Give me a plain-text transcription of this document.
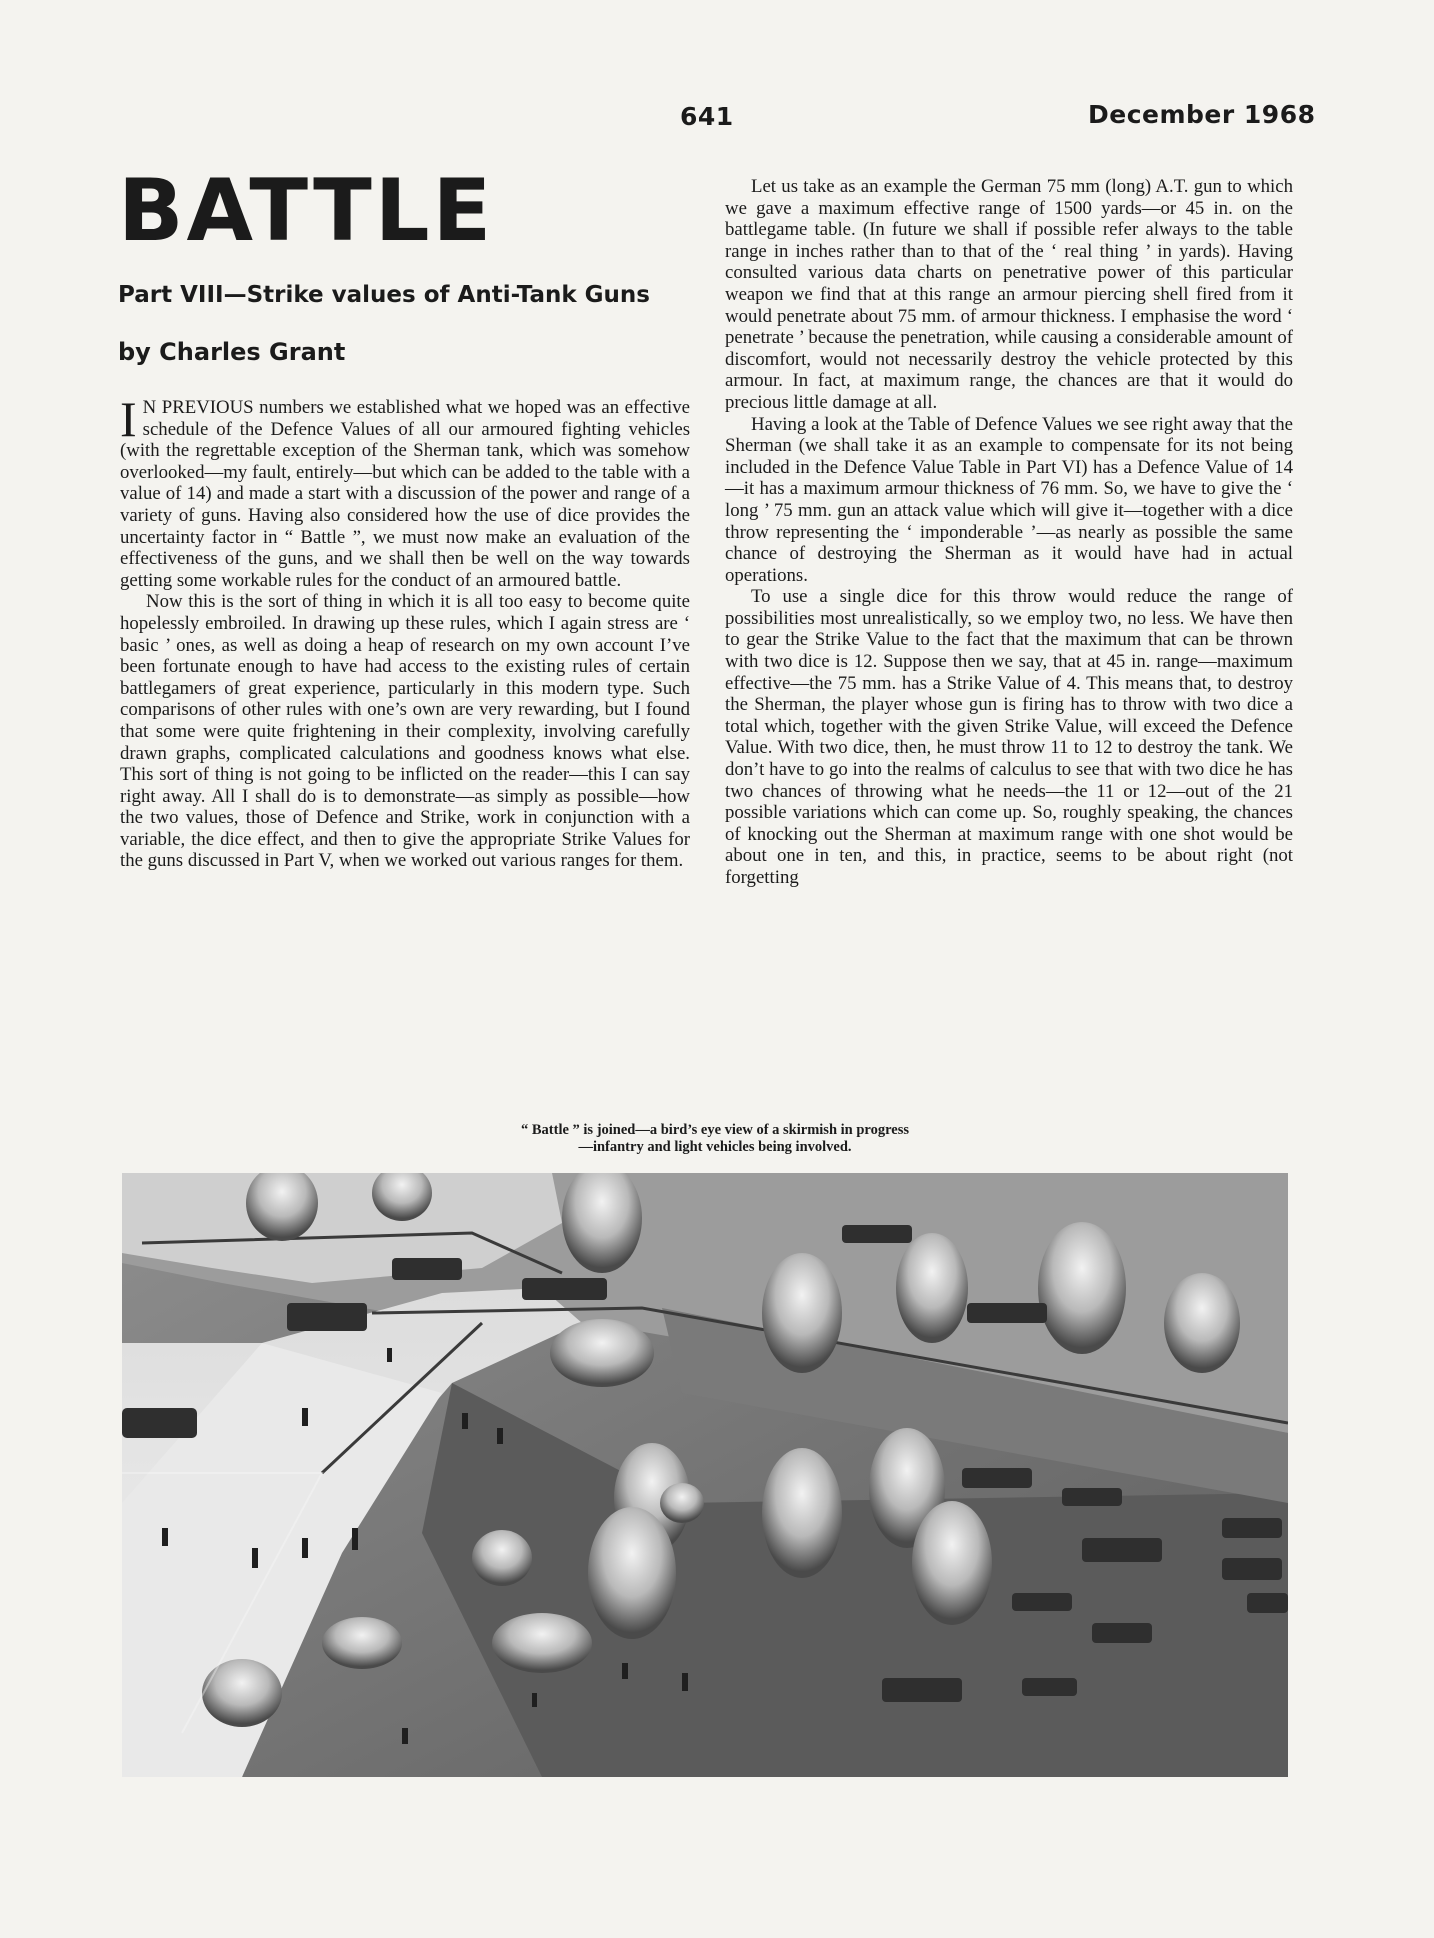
641	December 1968
BATTLE
Part VIII—Strike values of Anti-Tank Guns
by Charles Grant

IN PREVIOUS numbers we established what we hoped was an effective schedule of the Defence Values of all our armoured fighting vehicles (with the regrettable exception of the Sherman tank, which was somehow overlooked—my fault, entirely—but which can be added to the table with a value of 14) and made a start with a discussion of the power and range of a variety of guns. Having also considered how the use of dice provides the uncertainty factor in “ Battle ”, we must now make an evaluation of the effectiveness of the guns, and we shall then be well on the way towards getting some workable rules for the conduct of an armoured battle.

Now this is the sort of thing in which it is all too easy to become quite hopelessly embroiled. In drawing up these rules, which I again stress are ‘ basic ’ ones, as well as doing a heap of research on my own account I’ve been fortunate enough to have had access to the existing rules of certain battlegamers of great experience, particularly in this modern type. Such comparisons of other rules with one’s own are very rewarding, but I found that some were quite frightening in their complexity, involving carefully drawn graphs, complicated calculations and goodness knows what else. This sort of thing is not going to be inflicted on the reader—this I can say right away. All I shall do is to demonstrate—as simply as possible—how the two values, those of Defence and Strike, work in conjunction with a variable, the dice effect, and then to give the appropriate Strike Values for the guns discussed in Part V, when we worked out various ranges for them.

Let us take as an example the German 75 mm (long) A.T. gun to which we gave a maximum effective range of 1500 yards—or 45 in. on the battlegame table. (In future we shall if possible refer always to the table range in inches rather than to that of the ‘ real thing ’ in yards). Having consulted various data charts on penetrative power of this particular weapon we find that at this range an armour piercing shell fired from it would penetrate about 75 mm. of armour thickness. I emphasise the word ‘ penetrate ’ because the penetration, while causing a considerable amount of discomfort, would not necessarily destroy the vehicle protected by this armour. In fact, at maximum range, the chances are that it would do precious little damage at all.

Having a look at the Table of Defence Values we see right away that the Sherman (we shall take it as an example to compensate for its not being included in the Defence Value Table in Part VI) has a Defence Value of 14—it has a maximum armour thickness of 76 mm. So, we have to give the ‘ long ’ 75 mm. gun an attack value which will give it—together with a dice throw representing the ‘ imponderable ’—as nearly as possible the same chance of destroying the Sherman as it would have had in actual operations.

To use a single dice for this throw would reduce the range of possibilities most unrealistically, so we employ two, no less. We have then to gear the Strike Value to the fact that the maximum that can be thrown with two dice is 12. Suppose then we say, that at 45 in. range—maximum effective—the 75 mm. has a Strike Value of 4. This means that, to destroy the Sherman, the player whose gun is firing has to throw with two dice a total which, together with the given Strike Value, will exceed the Defence Value. With two dice, then, he must throw 11 to 12 to destroy the tank. We don’t have to go into the realms of calculus to see that with two dice he has two chances of throwing what he needs—the 11 or 12—out of the 21 possible variations which can come up. So, roughly speaking, the chances of knocking out the Sherman at maximum range with one shot would be about one in ten, and this, in practice, seems to be about right (not forgetting

“ Battle ” is joined—a bird’s eye view of a skirmish in progress
—infantry and light vehicles being involved.
